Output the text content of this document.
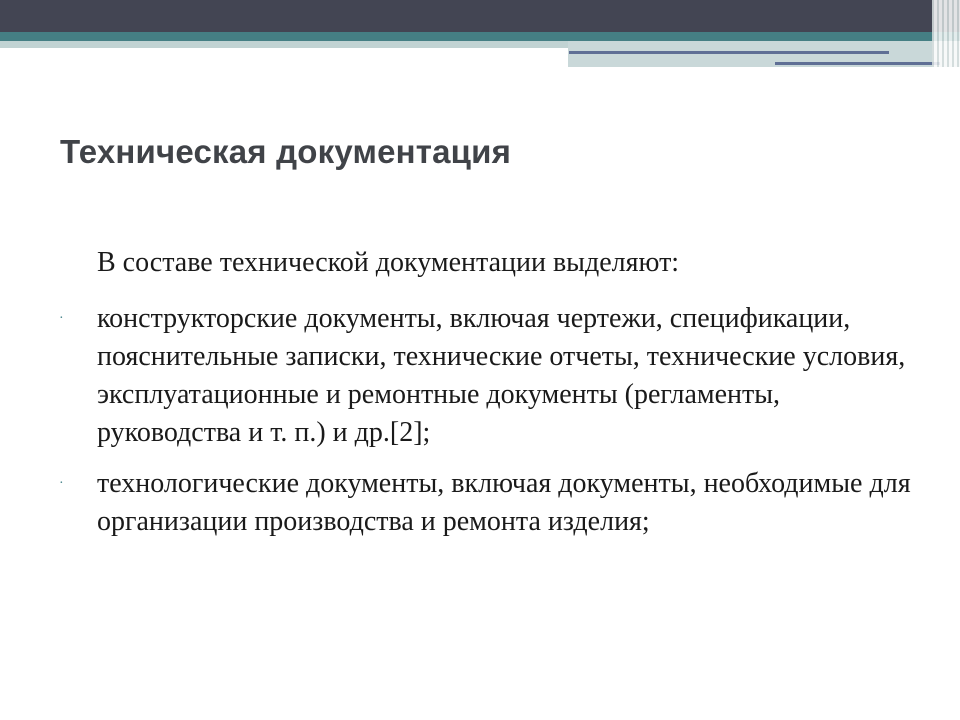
Техническая документация

В составе технической документации выделяют:

· конструкторские документы, включая чертежи, спецификации, пояснительные записки, технические отчеты, технические условия, эксплуатационные и ремонтные документы (регламенты, руководства и т. п.) и др.[2];

· технологические документы, включая документы, необходимые для организации производства и ремонта изделия;
